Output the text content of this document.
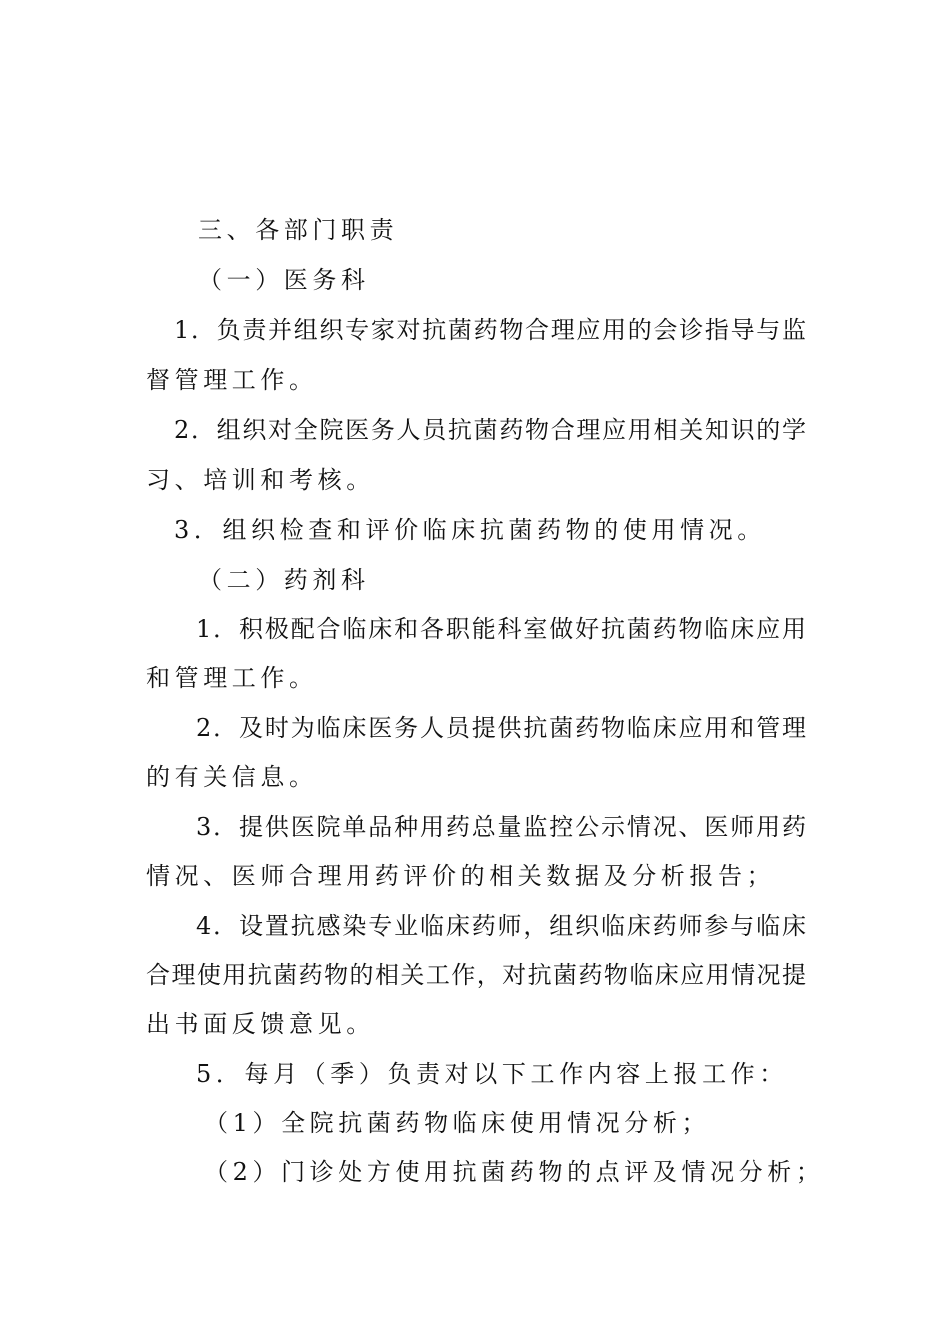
三、各部门职责
（一）医务科
1．负责并组织专家对抗菌药物合理应用的会诊指导与监
督管理工作。
2．组织对全院医务人员抗菌药物合理应用相关知识的学
习、培训和考核。
3．组织检查和评价临床抗菌药物的使用情况。
（二）药剂科
1．积极配合临床和各职能科室做好抗菌药物临床应用
和管理工作。
2．及时为临床医务人员提供抗菌药物临床应用和管理
的有关信息。
3．提供医院单品种用药总量监控公示情况、医师用药
情况、医师合理用药评价的相关数据及分析报告；
4．设置抗感染专业临床药师，组织临床药师参与临床
合理使用抗菌药物的相关工作，对抗菌药物临床应用情况提
出书面反馈意见。
5．每月（季）负责对以下工作内容上报工作：
（1）全院抗菌药物临床使用情况分析；
（2）门诊处方使用抗菌药物的点评及情况分析；
